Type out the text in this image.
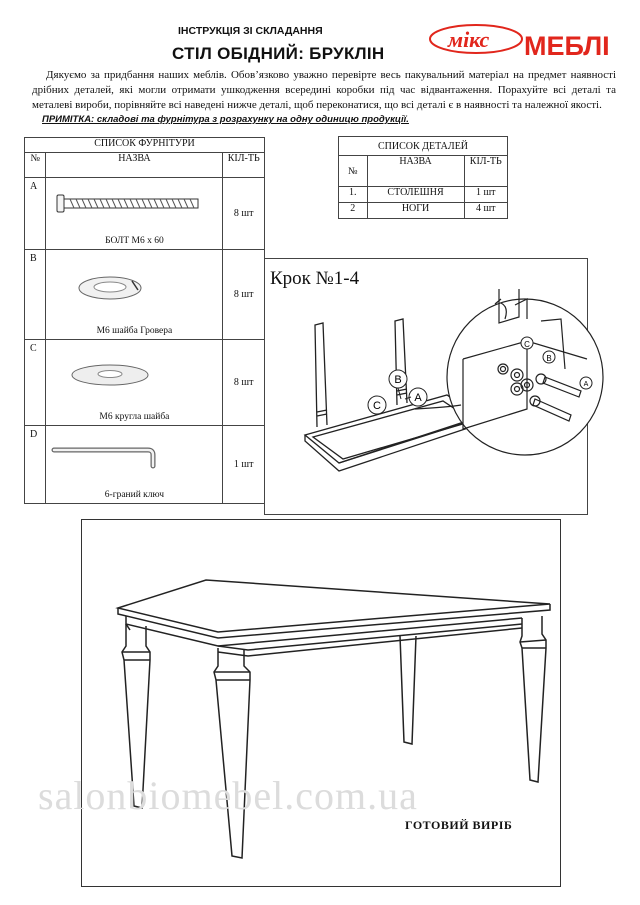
ІНСТРУКЦІЯ ЗІ СКЛАДАННЯ
СТІЛ ОБІДНИЙ: БРУКЛІН
мікс МЕБЛІ
Дякуємо за придбання наших меблів. Обов’язково уважно перевірте весь пакувальний матеріал на предмет наявності дрібних деталей, які могли отримати ушкодження всередині коробки під час відвантаження. Порахуйте всі деталі та металеві вироби, порівняйте всі наведені нижче деталі, щоб переконатися, що всі деталі є в наявності та належної якості.
ПРИМІТКА: складові та фурнітура з розрахунку на одну одиницю продукції.
СПИСОК ФУРНІТУРИ		
№	НАЗВА	КІЛ-ТЬ
A	БОЛТ М6 х 60	8 шт
B	М6 шайба Гровера	8 шт
C	М6 кругла шайба	8 шт
D	6-граний ключ	1 шт
СПИСОК ДЕТАЛЕЙ		
№	НАЗВА	КІЛ-ТЬ
1.	СТОЛЕШНЯ	1 шт
2	НОГИ	4 шт
B
A
C
C
B
A
Крок №1-4
salonbiomebel.com.ua
ГОТОВИЙ ВИРІБ
